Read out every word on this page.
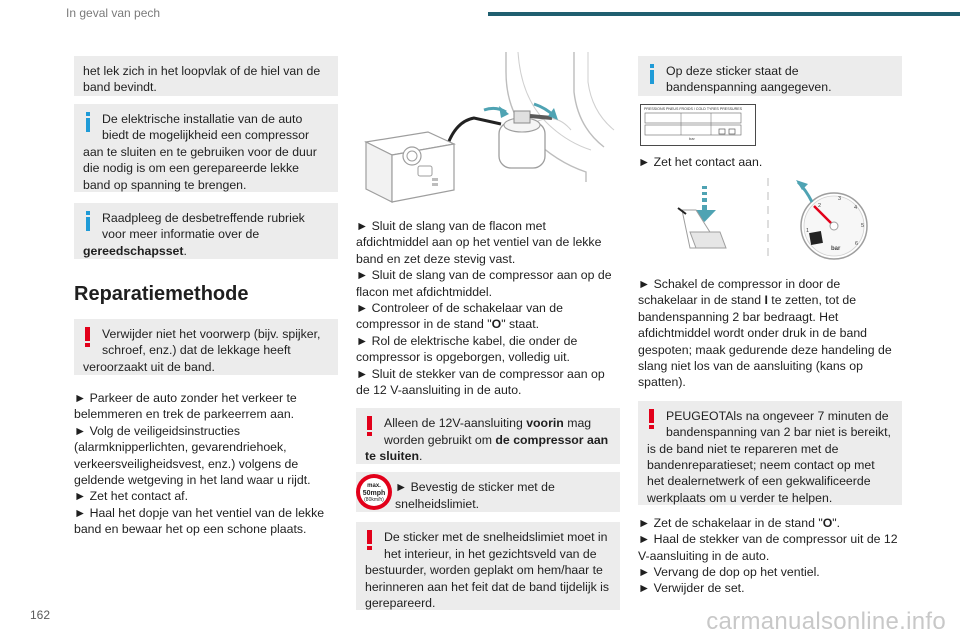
In geval van pech

het lek zich in het loopvlak of de hiel van de band bevindt.

De elektrische installatie van de auto
biedt de mogelijkheid een compressor
aan te sluiten en te gebruiken voor de duur die nodig is om een gerepareerde lekke band op spanning te brengen.
Raadpleeg de desbetreffende rubriek
voor meer informatie over de
gereedschapsset.
Reparatiemethode
Verwijder niet het voorwerp (bijv. spijker,
schroef, enz.) dat de lekkage heeft
veroorzaakt uit de band.
► Parkeer de auto zonder het verkeer te belemmeren en trek de parkeerrem aan.
► Volg de veiligeidsinstructies (alarmknipperlichten, gevarendriehoek, verkeersveiligheidsvest, enz.) volgens de geldende wetgeving in het land waar u rijdt.
► Zet het contact af.
► Haal het dopje van het ventiel van de lekke band en bewaar het op een schone plaats.
► Sluit de slang van de flacon met afdichtmiddel aan op het ventiel van de lekke band en zet deze stevig vast.
► Sluit de slang van de compressor aan op de flacon met afdichtmiddel.
► Controleer of de schakelaar van de compressor in de stand "O" staat.
► Rol de elektrische kabel, die onder de compressor is opgeborgen, volledig uit.
► Sluit de stekker van de compressor aan op de 12 V-aansluiting in de auto.
Alleen de 12V-aansluiting voorin mag
worden gebruikt om de compressor aan
te sluiten.
max.
50mph
(80km/h)
► Bevestig de sticker met de
snelheidslimiet.
De sticker met de snelheidslimiet moet in
het interieur, in het gezichtsveld van de
bestuurder, worden geplakt om hem/haar te herinneren aan het feit dat de band tijdelijk is gerepareerd.
Op deze sticker staat de
bandenspanning aangegeven.
PRESSIONS PNEUS FROIDS / COLD TYRES PRESSURES
bar
► Zet het contact aan.
1
2
3
4
5
6
bar
► Schakel de compressor in door de schakelaar in de stand I te zetten, tot de bandenspanning 2 bar bedraagt. Het afdichtmiddel wordt onder druk in de band gespoten; maak gedurende deze handeling de slang niet los van de aansluiting (kans op spatten).
PEUGEOTAls na ongeveer 7 minuten de
bandenspanning van 2 bar niet is bereikt,
is de band niet te repareren met de bandenreparatieset; neem contact op met het dealernetwerk of een gekwalificeerde werkplaats om u verder te helpen.
► Zet de schakelaar in de stand "O".
► Haal de stekker van de compressor uit de 12 V-aansluiting in de auto.
► Vervang de dop op het ventiel.
► Verwijder de set.
162	carmanualsonline.info
